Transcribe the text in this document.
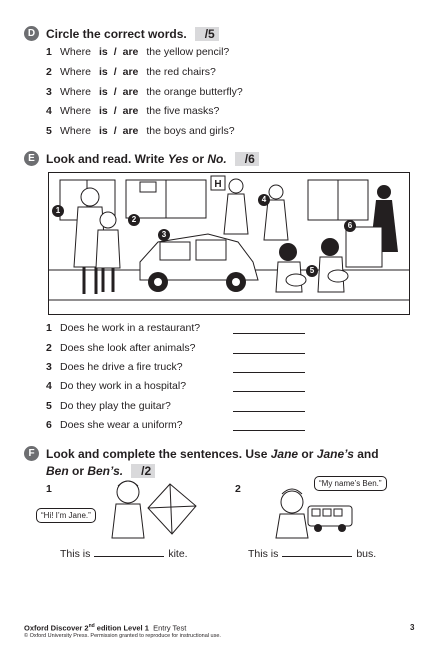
D Circle the correct words. /5
1 Where is / are the yellow pencil?
2 Where is / are the red chairs?
3 Where is / are the orange butterfly?
4 Where is / are the five masks?
5 Where is / are the boys and girls?
E Look and read. Write Yes or No. /6
H
1
2
3
4
5
6
1 Does he work in a restaurant?
2 Does she look after animals?
3 Does he drive a fire truck?
4 Do they work in a hospital?
5 Do they play the guitar?
6 Does she wear a uniform?
F Look and complete the sentences. Use Jane or Jane’s and
Ben or Ben’s. /2
1	2
“Hi! I’m Jane.”
“My name’s Ben.”
This is	kite.	This is	bus.
Oxford Discover 2nd edition Level 1 Entry Test
© Oxford University Press. Permission granted to reproduce for instructional use.
3
